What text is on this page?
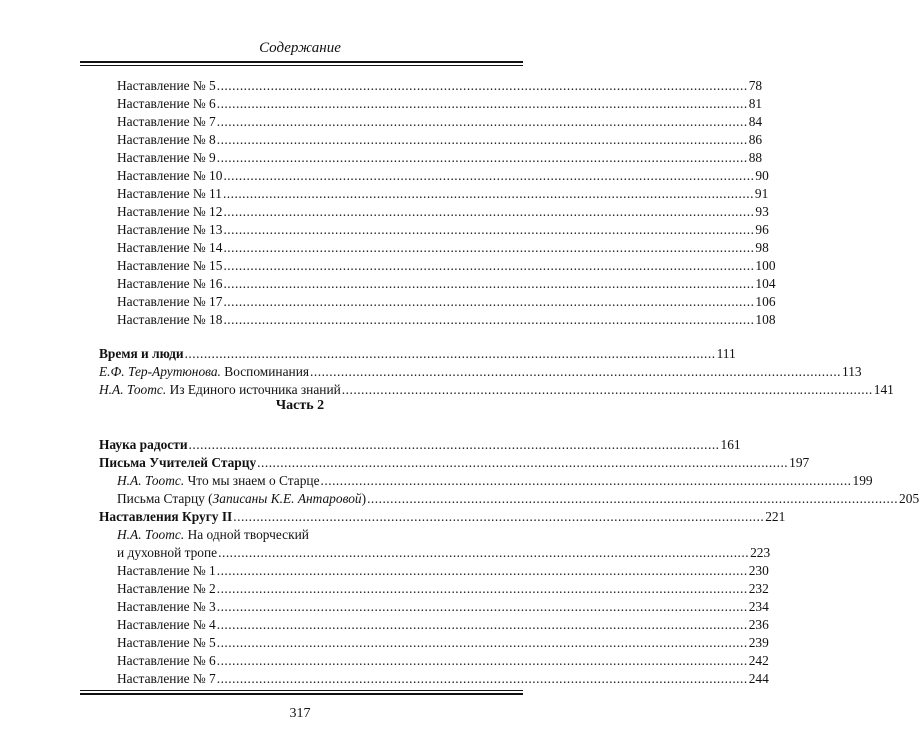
Содержание
Наставление № 5 .......................................................................................................................................... 78
Наставление № 6 .......................................................................................................................................... 81
Наставление № 7 .......................................................................................................................................... 84
Наставление № 8 .......................................................................................................................................... 86
Наставление № 9 .......................................................................................................................................... 88
Наставление № 10 .......................................................................................................................................... 90
Наставление № 11 .......................................................................................................................................... 91
Наставление № 12 .......................................................................................................................................... 93
Наставление № 13 .......................................................................................................................................... 96
Наставление № 14 .......................................................................................................................................... 98
Наставление № 15 .......................................................................................................................................... 100
Наставление № 16 .......................................................................................................................................... 104
Наставление № 17 .......................................................................................................................................... 106
Наставление № 18 .......................................................................................................................................... 108
Время и люди .......................................................................................................................................... 111
Е.Ф. Тер-Арутюнова. Воспоминания .......................................................................................................................................... 113
Н.А. Тоотс. Из Единого источника знаний .......................................................................................................................................... 141
Наука радости .......................................................................................................................................... 161
Письма Учителей Старцу .......................................................................................................................................... 197
Н.А. Тоотс. Что мы знаем о Старце .......................................................................................................................................... 199
Письма Старцу (Записаны К.Е. Антаровой) .......................................................................................................................................... 205
Наставления Кругу II .......................................................................................................................................... 221
Н.А. Тоотс. На одной творческий
и духовной тропе .......................................................................................................................................... 223
Наставление № 1 .......................................................................................................................................... 230
Наставление № 2 .......................................................................................................................................... 232
Наставление № 3 .......................................................................................................................................... 234
Наставление № 4 .......................................................................................................................................... 236
Наставление № 5 .......................................................................................................................................... 239
Наставление № 6 .......................................................................................................................................... 242
Наставление № 7 .......................................................................................................................................... 244
Часть 2
317
